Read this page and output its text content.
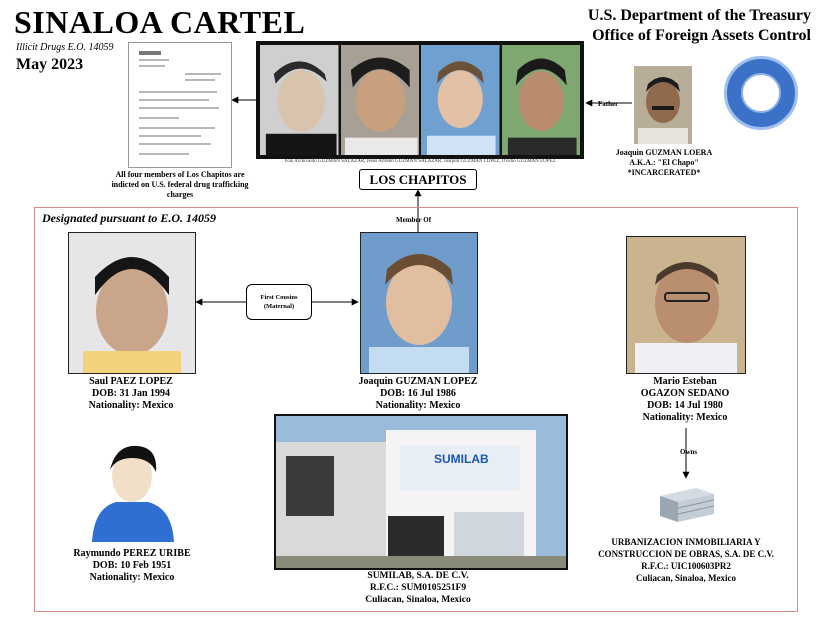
SINALOA CARTEL
Illicit Drugs E.O. 14059
May 2023
U.S. Department of the Treasury
Office of Foreign Assets Control
All four members of Los Chapitos are indicted on U.S. federal drug trafficking charges
Ivan Archivaldo GUZMAN SALAZAR, Jesus Alfredo GUZMAN SALAZAR, Joaquin GUZMAN LOPEZ, Ovidio GUZMAN LOPEZ
LOS CHAPITOS
Father
Joaquin GUZMAN LOERA
A.K.A.: "El Chapo"
*INCARCERATED*
Designated pursuant to E.O. 14059	Member Of
Saul PAEZ LOPEZ
DOB: 31 Jan 1994
Nationality: Mexico
First Cousins
(Maternal)
Joaquin GUZMAN LOPEZ
DOB: 16 Jul 1986
Nationality: Mexico
Mario Esteban
OGAZON SEDANO
DOB: 14 Jul 1980
Nationality: Mexico
Owns
Raymundo PEREZ URIBE
DOB: 10 Feb 1951
Nationality: Mexico
SUMILAB
SUMILAB, S.A. DE C.V.
R.F.C.: SUM0105251F9
Culiacan, Sinaloa, Mexico
URBANIZACION INMOBILIARIA Y
CONSTRUCCION DE OBRAS, S.A. DE C.V.
R.F.C.: UIC100603PR2
Culiacan, Sinaloa, Mexico
